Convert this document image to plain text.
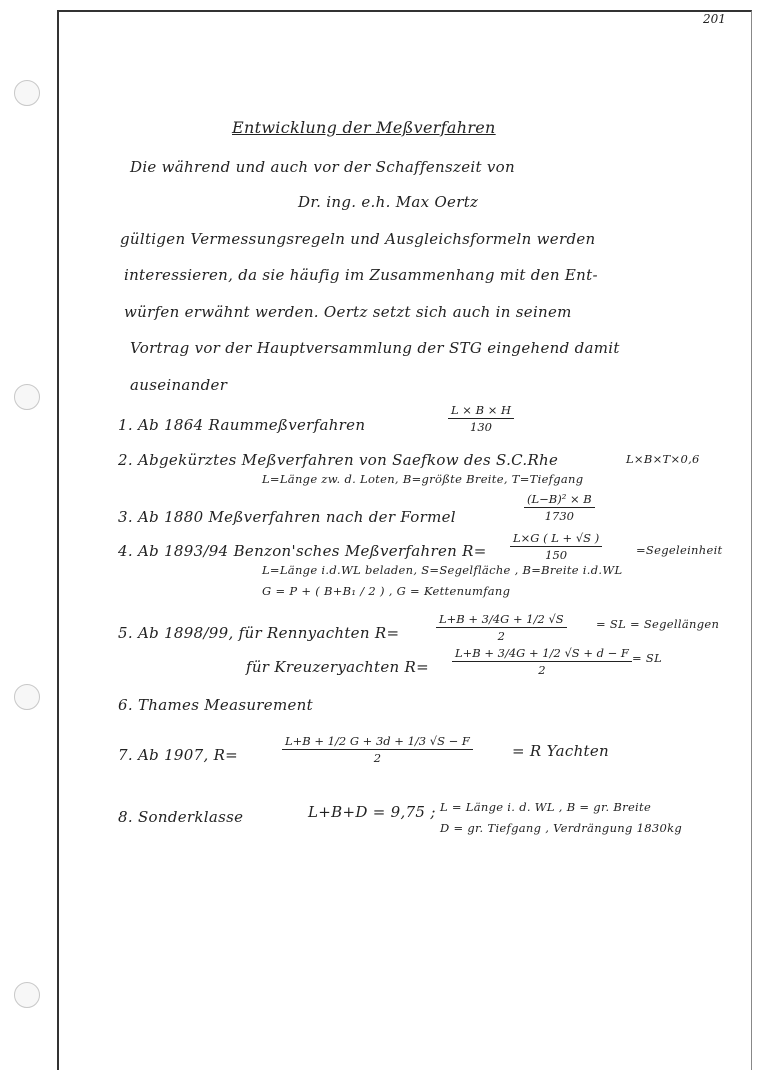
201
Entwicklung der Meßverfahren
Die während und auch vor der Schaffenszeit von
Dr. ing. e.h. Max Oertz
gültigen Vermessungsregeln und Ausgleichsformeln werden
interessieren, da sie häufig im Zusammenhang mit den Ent-
würfen erwähnt werden. Oertz setzt sich auch in seinem
Vortrag vor der Hauptversammlung der STG eingehend damit
auseinander
1. Ab 1864 Raummeßverfahren	$\frac{L \times B \times H}{130}$
2. Abgekürztes Meßverfahren von Saefkow des S.C.Rhe	L×B×T×0,6
L=Länge zw. d. Loten, B=größte Breite, T=Tiefgang
3. Ab 1880 Meßverfahren nach der Formel	$\frac{\text{(L−B)² × B}}{1730}$
4. Ab 1893/94 Benzon'sches Meßverfahren $R= \frac{L\times G ( L + √S )}{150}$	=Segeleinheit
L=Länge i.d.WL beladen, S=Segelfläche , B=Breite i.d.WL
G = P + ( B+B₁ / 2 ) , G = Kettenumfang
5. Ab 1898/99, für Rennyachten R=	$\frac{L+B + 3/4G + 1/2 √S}{2}$	= SL = Segellängen
für Kreuzeryachten $R= \frac{L+B + 3/4G + 1/2 √S + d - F}{2}$ = SL
6. Thames Measurement
7. Ab 1907, R=	$\frac{L+B + 1/2 G + 3d + 1/3 √S - F}{2}$	= R Yachten
8. Sonderklasse	L+B+D = 9,75 ; L = Länge i. d. WL , B = gr. Breite
D = gr. Tiefgang , Verdrängung 1830kg
